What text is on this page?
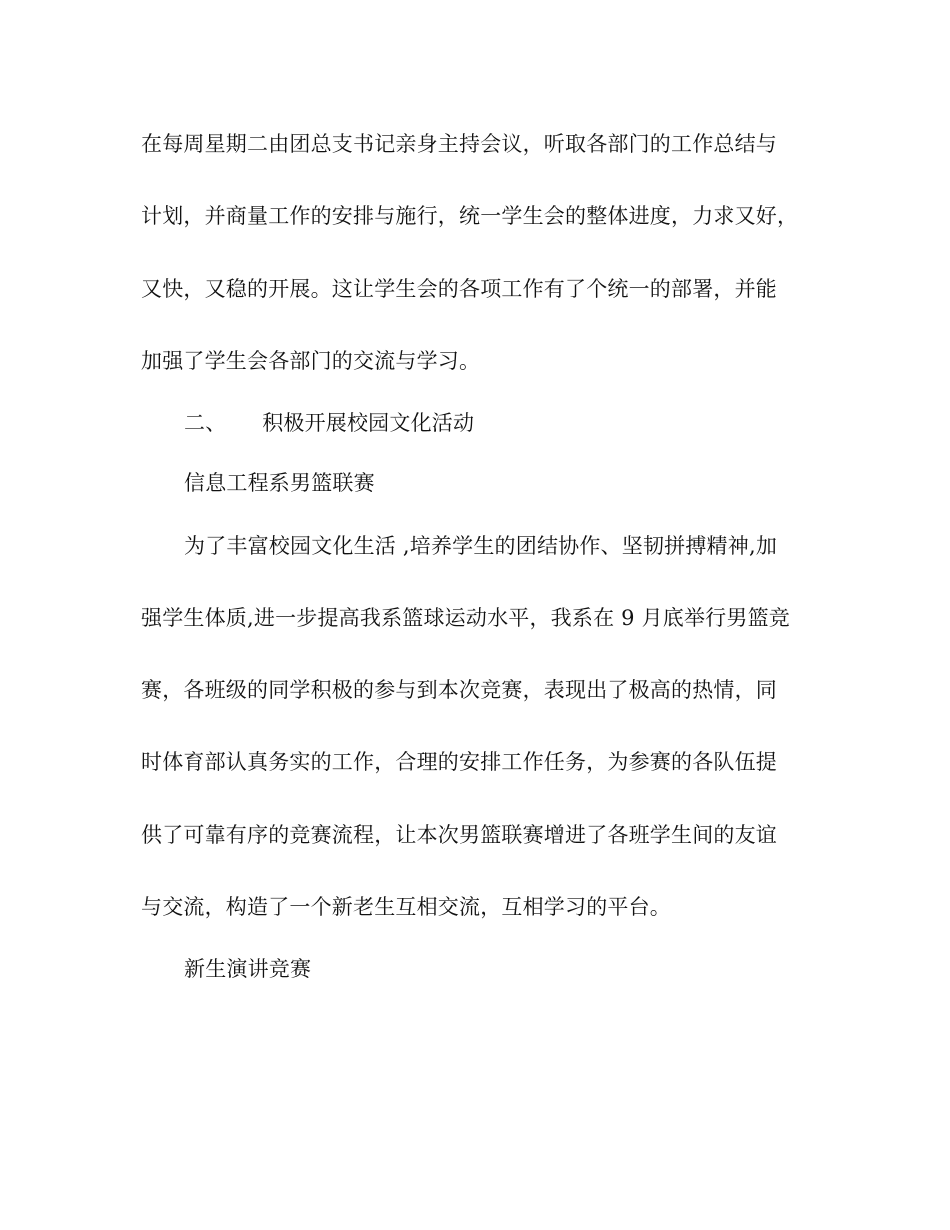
在每周星期二由团总支书记亲身主持会议，听取各部门的工作总结与
计划，并商量工作的安排与施行，统一学生会的整体进度，力求又好，
又快，又稳的开展。这让学生会的各项工作有了个统一的部署，并能
加强了学生会各部门的交流与学习。
二、 积极开展校园文化活动
信息工程系男篮联赛
为了丰富校园文化生活 ,培养学生的团结协作、坚韧拼搏精神,加
强学生体质,进一步提高我系篮球运动水平，我系在 9 月底举行男篮竞
赛，各班级的同学积极的参与到本次竞赛，表现出了极高的热情，同
时体育部认真务实的工作，合理的安排工作任务，为参赛的各队伍提
供了可靠有序的竞赛流程，让本次男篮联赛增进了各班学生间的友谊
与交流，构造了一个新老生互相交流，互相学习的平台。
新生演讲竞赛
